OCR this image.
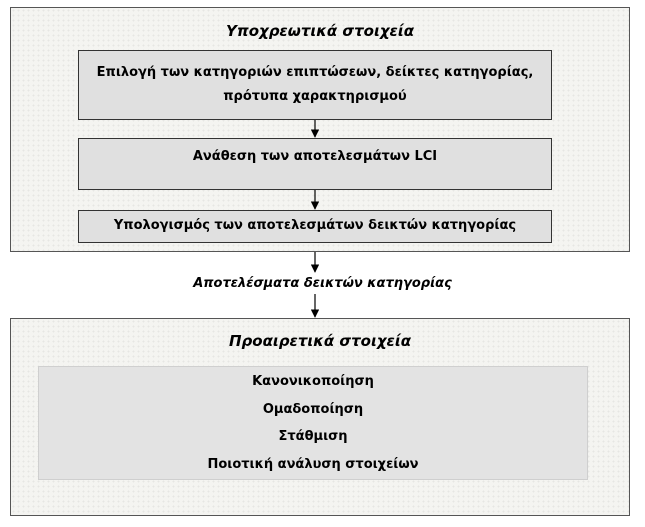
Υποχρεωτικά στοιχεία
Επιλογή των κατηγοριών επιπτώσεων, δείκτες κατηγορίας,
πρότυπα χαρακτηρισμού
Ανάθεση των αποτελεσμάτων LCI
Υπολογισμός των αποτελεσμάτων δεικτών κατηγορίας
Αποτελέσματα δεικτών κατηγορίας
Προαιρετικά στοιχεία
Κανονικοποίηση
Ομαδοποίηση
Στάθμιση
Ποιοτική ανάλυση στοιχείων
